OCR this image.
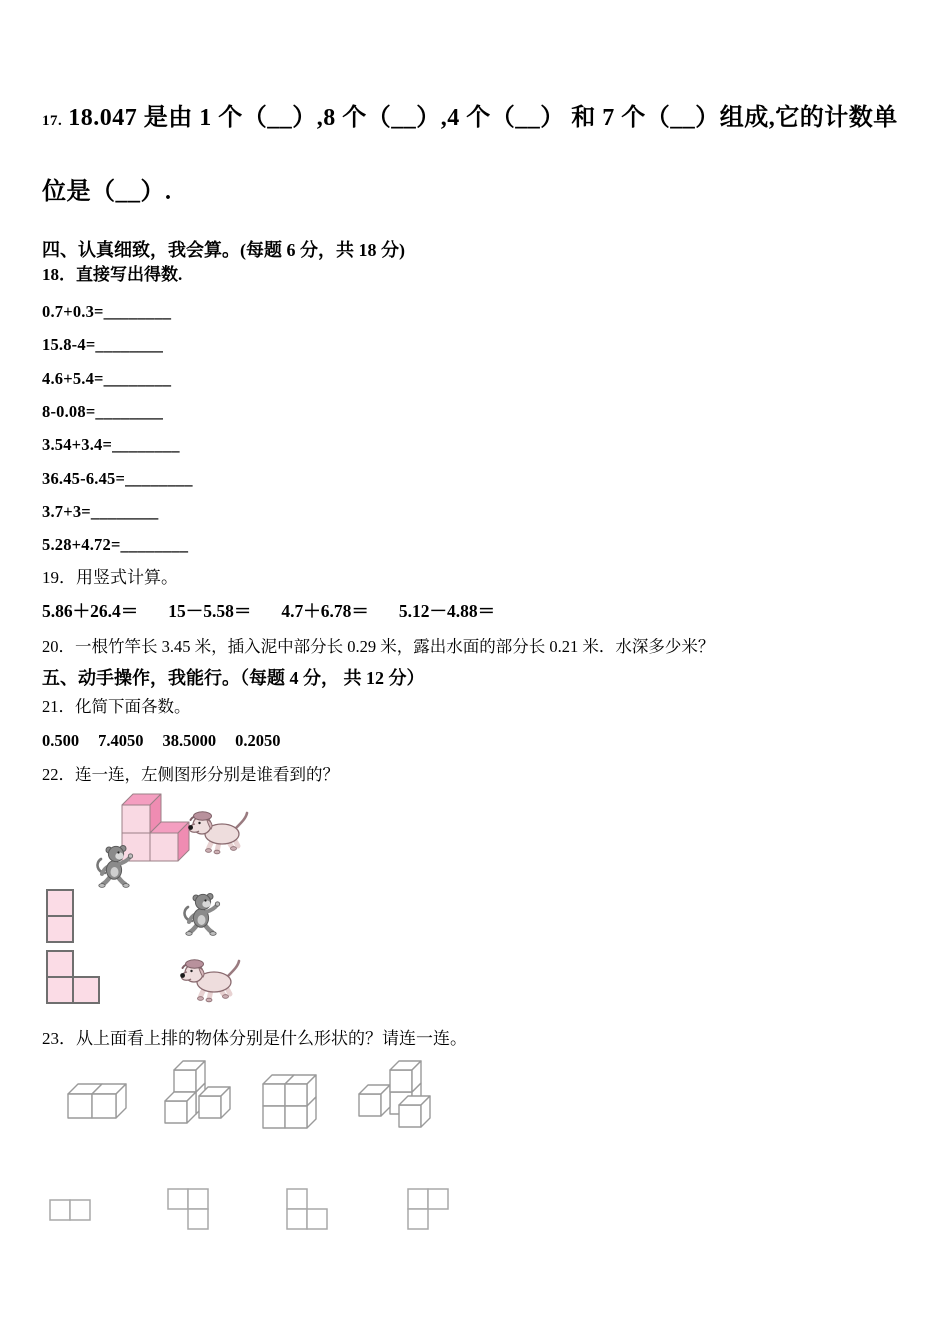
17. 18.047 是由 1 个（__）,8 个（__）,4 个（__） 和 7 个（__）组成,它的计数单
位是（__）.
四、认真细致，我会算。(每题 6 分，共 18 分)
18．直接写出得数.
0.7+0.3=________
15.8-4=________
4.6+5.4=________
8-0.08=________
3.54+3.4=________
36.45-6.45=________
3.7+3=________
5.28+4.72=________
19．用竖式计算。
5.86＋26.4＝ 15－5.58＝ 4.7＋6.78＝ 5.12－4.88＝
20．一根竹竿长 3.45 米，插入泥中部分长 0.29 米，露出水面的部分长 0.21 米．水深多少米？
五、动手操作，我能行。（每题 4 分， 共 12 分）
21．化简下面各数。
0.500 7.4050 38.5000 0.2050
22．连一连，左侧图形分别是谁看到的？
23．从上面看上排的物体分别是什么形状的？请连一连。
